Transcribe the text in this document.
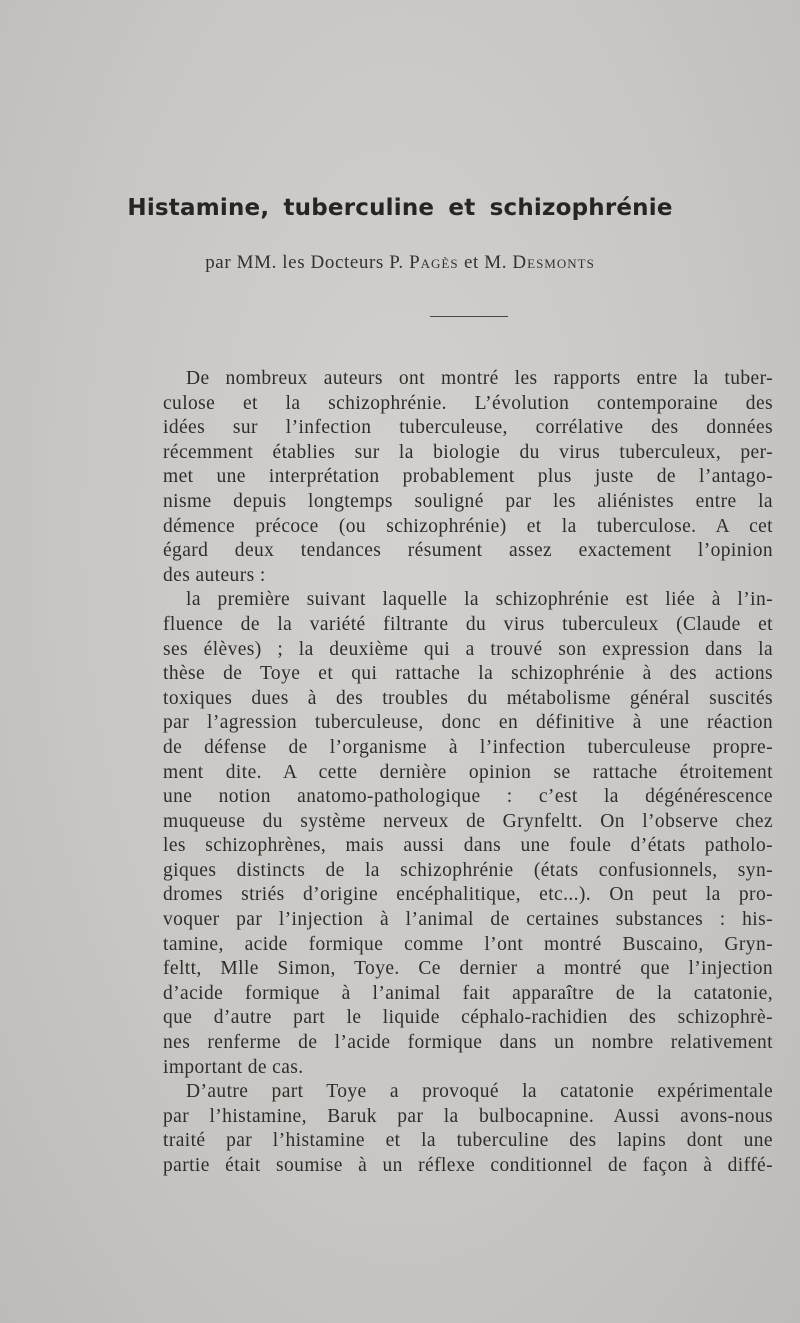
Histamine, tuberculine et schizophrénie
par MM. les Docteurs P. Pagès et M. Desmonts
De nombreux auteurs ont montré les rapports entre la tuber-
culose et la schizophrénie. L’évolution contemporaine des
idées sur l’infection tuberculeuse, corrélative des données
récemment établies sur la biologie du virus tuberculeux, per-
met une interprétation probablement plus juste de l’antago-
nisme depuis longtemps souligné par les aliénistes entre la
démence précoce (ou schizophrénie) et la tuberculose. A cet
égard deux tendances résument assez exactement l’opinion
des auteurs :
la première suivant laquelle la schizophrénie est liée à l’in-
fluence de la variété filtrante du virus tuberculeux (Claude et
ses élèves) ; la deuxième qui a trouvé son expression dans la
thèse de Toye et qui rattache la schizophrénie à des actions
toxiques dues à des troubles du métabolisme général suscités
par l’agression tuberculeuse, donc en définitive à une réaction
de défense de l’organisme à l’infection tuberculeuse propre-
ment dite. A cette dernière opinion se rattache étroitement
une notion anatomo-pathologique : c’est la dégénérescence
muqueuse du système nerveux de Grynfeltt. On l’observe chez
les schizophrènes, mais aussi dans une foule d’états patholo-
giques distincts de la schizophrénie (états confusionnels, syn-
dromes striés d’origine encéphalitique, etc...). On peut la pro-
voquer par l’injection à l’animal de certaines substances : his-
tamine, acide formique comme l’ont montré Buscaino, Gryn-
feltt, Mlle Simon, Toye. Ce dernier a montré que l’injection
d’acide formique à l’animal fait apparaître de la catatonie,
que d’autre part le liquide céphalo-rachidien des schizophrè-
nes renferme de l’acide formique dans un nombre relativement
important de cas.
D’autre part Toye a provoqué la catatonie expérimentale
par l’histamine, Baruk par la bulbocapnine. Aussi avons-nous
traité par l’histamine et la tuberculine des lapins dont une
partie était soumise à un réflexe conditionnel de façon à diffé-
